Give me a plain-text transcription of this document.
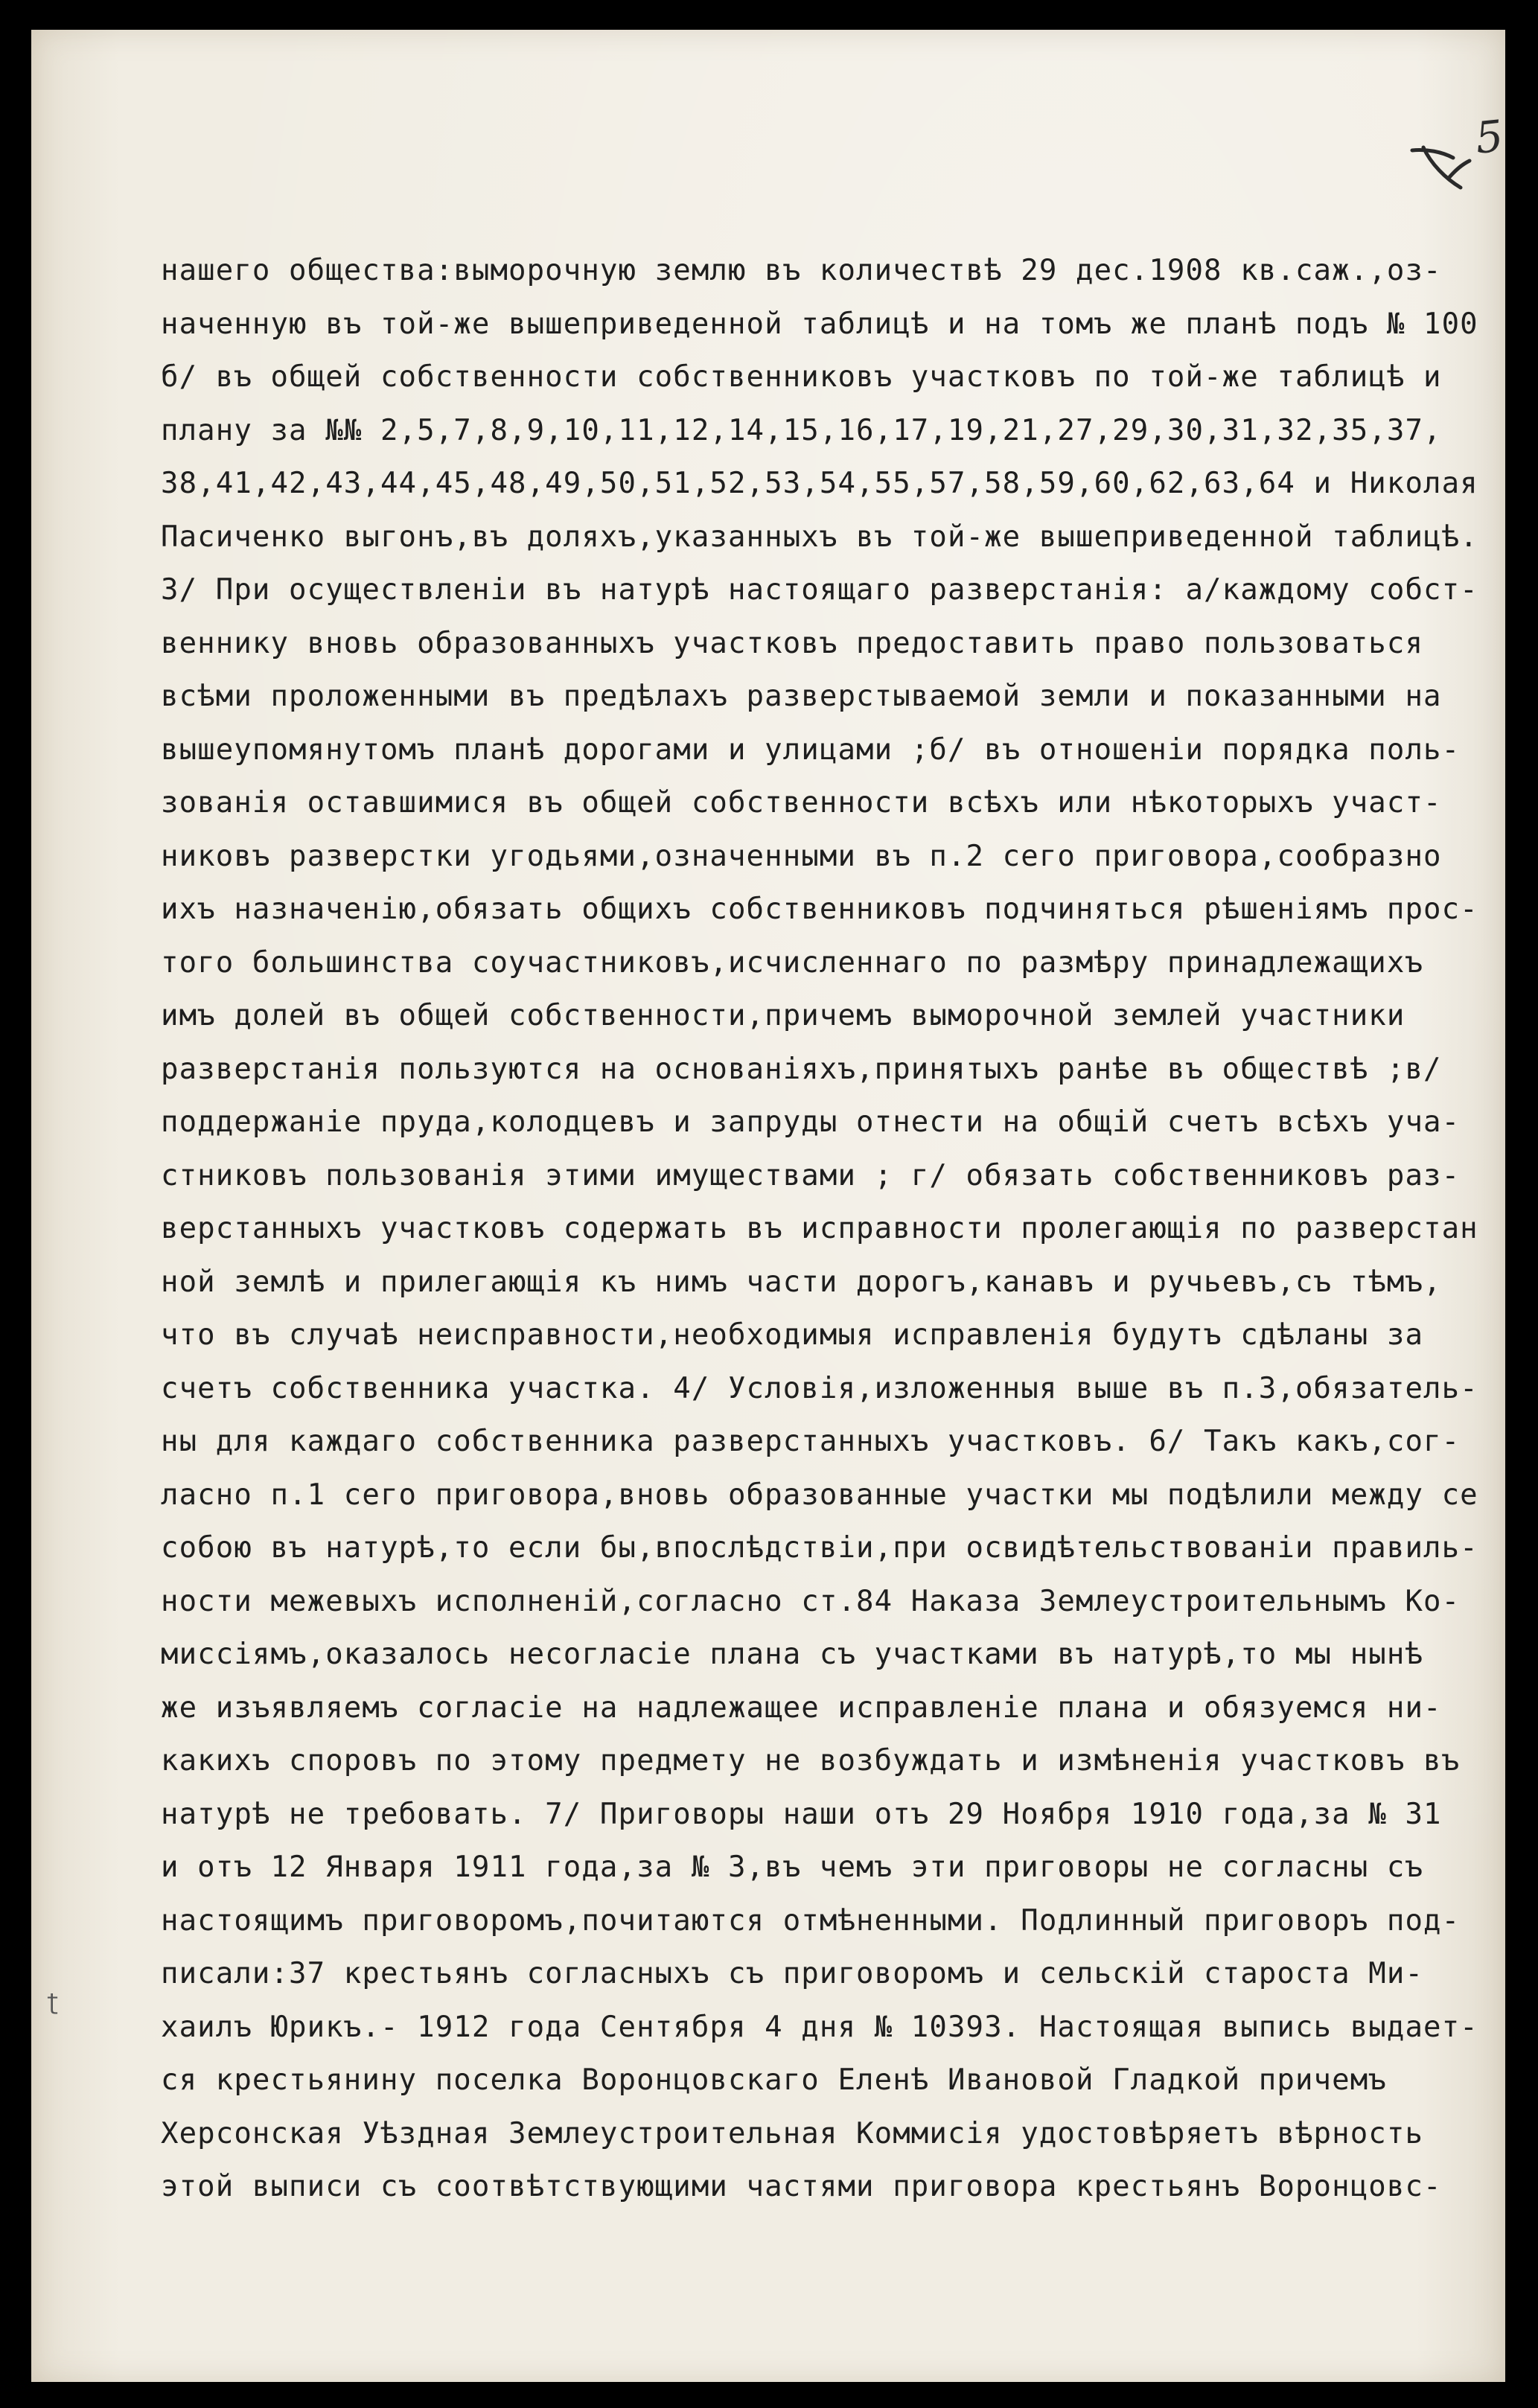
5
ʈ
нашего общества:выморочную землю въ количествѣ 29 дес.1908 кв.саж.,оз-
наченную въ той-же вышеприведенной таблицѣ и на томъ же планѣ подъ № 100
б/ въ общей собственности собственниковъ участковъ по той-же таблицѣ и
плану за №№ 2,5,7,8,9,10,11,12,14,15,16,17,19,21,27,29,30,31,32,35,37,
38,41,42,43,44,45,48,49,50,51,52,53,54,55,57,58,59,60,62,63,64 и Николая
Пасиченко выгонъ,въ доляхъ,указанныхъ въ той-же вышеприведенной таблицѣ.
3/ При осуществленіи въ натурѣ настоящаго разверстанія: а/каждому собст-
веннику вновь образованныхъ участковъ предоставить право пользоваться
всѣми проложенными въ предѣлахъ разверстываемой земли и показанными на
вышеупомянутомъ планѣ дорогами и улицами ;б/ въ отношеніи порядка поль-
зованія оставшимися въ общей собственности всѣхъ или нѣкоторыхъ участ-
никовъ разверстки угодьями,означенными въ п.2 сего приговора,сообразно
ихъ назначенію,обязать общихъ собственниковъ подчиняться рѣшеніямъ прос-
того большинства соучастниковъ,исчисленнаго по размѣру принадлежащихъ
имъ долей въ общей собственности,причемъ выморочной землей участники
разверстанія пользуются на основаніяхъ,принятыхъ ранѣе въ обществѣ ;в/
поддержаніе пруда,колодцевъ и запруды отнести на общій счетъ всѣхъ уча-
стниковъ пользованія этими имуществами ; г/ обязать собственниковъ раз-
верстанныхъ участковъ содержать въ исправности пролегающія по разверстан
ной землѣ и прилегающія къ нимъ части дорогъ,канавъ и ручьевъ,съ тѣмъ,
что въ случаѣ неисправности,необходимыя исправленія будутъ сдѣланы за
счетъ собственника участка. 4/ Условія,изложенныя выше въ п.3,обязатель-
ны для каждаго собственника разверстанныхъ участковъ. 6/ Такъ какъ,сог-
ласно п.1 сего приговора,вновь образованные участки мы подѣлили между се
собою въ натурѣ,то если бы,впослѣдствіи,при освидѣтельствованіи правиль-
ности межевыхъ исполненій,согласно ст.84 Наказа Землеустроительнымъ Ко-
миссіямъ,оказалось несогласіе плана съ участками въ натурѣ,то мы нынѣ
же изъявляемъ согласіе на надлежащее исправленіе плана и обязуемся ни-
какихъ споровъ по этому предмету не возбуждать и измѣненія участковъ въ
натурѣ не требовать. 7/ Приговоры наши отъ 29 Ноября 1910 года,за № 31
и отъ 12 Января 1911 года,за № 3,въ чемъ эти приговоры не согласны съ
настоящимъ приговоромъ,почитаются отмѣненными. Подлинный приговоръ под-
писали:37 крестьянъ согласныхъ съ приговоромъ и сельскій староста Ми-
хаилъ Юрикъ.- 1912 года Сентября 4 дня № 10393. Настоящая выпись выдает-
ся крестьянину поселка Воронцовскаго Еленѣ Ивановой Гладкой причемъ
Херсонская Уѣздная Землеустроительная Коммисія удостовѣряетъ вѣрность
этой выписи съ соотвѣтствующими частями приговора крестьянъ Воронцовс-
